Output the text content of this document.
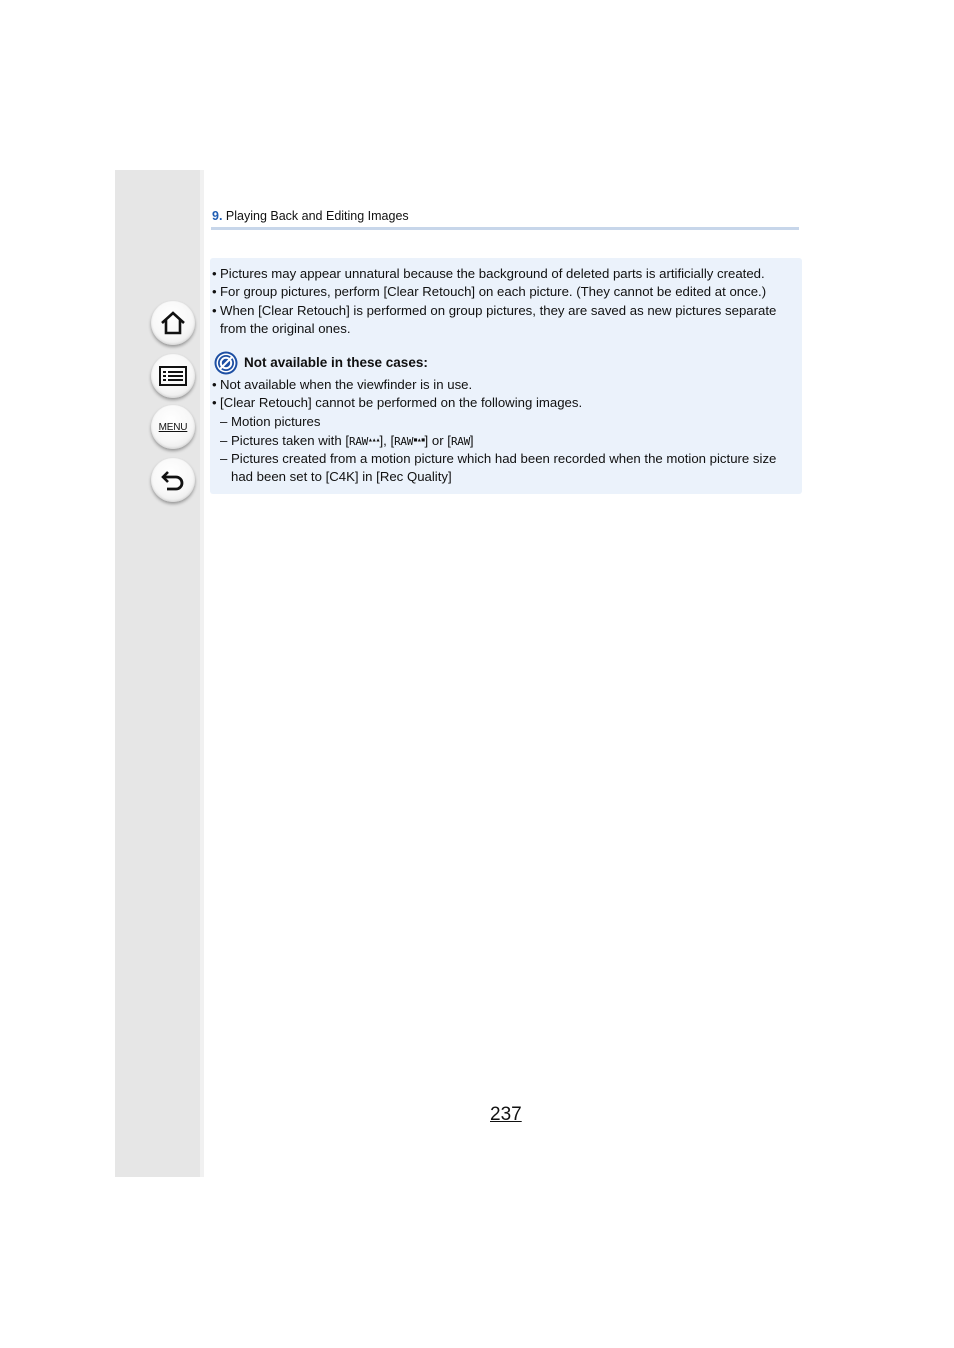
MENU
9. Playing Back and Editing Images
• Pictures may appear unnatural because the background of deleted parts is artificially created.
• For group pictures, perform [Clear Retouch] on each picture. (They cannot be edited at once.)
• When [Clear Retouch] is performed on group pictures, they are saved as new pictures separate
from the original ones.
Not available in these cases:
• Not available when the viewfinder is in use.
• [Clear Retouch] cannot be performed on the following images.
– Motion pictures
– Pictures taken with [RAW▴▴▴], [RAW▪▴▪] or [RAW]
– Pictures created from a motion picture which had been recorded when the motion picture size
had been set to [C4K] in [Rec Quality]
237
